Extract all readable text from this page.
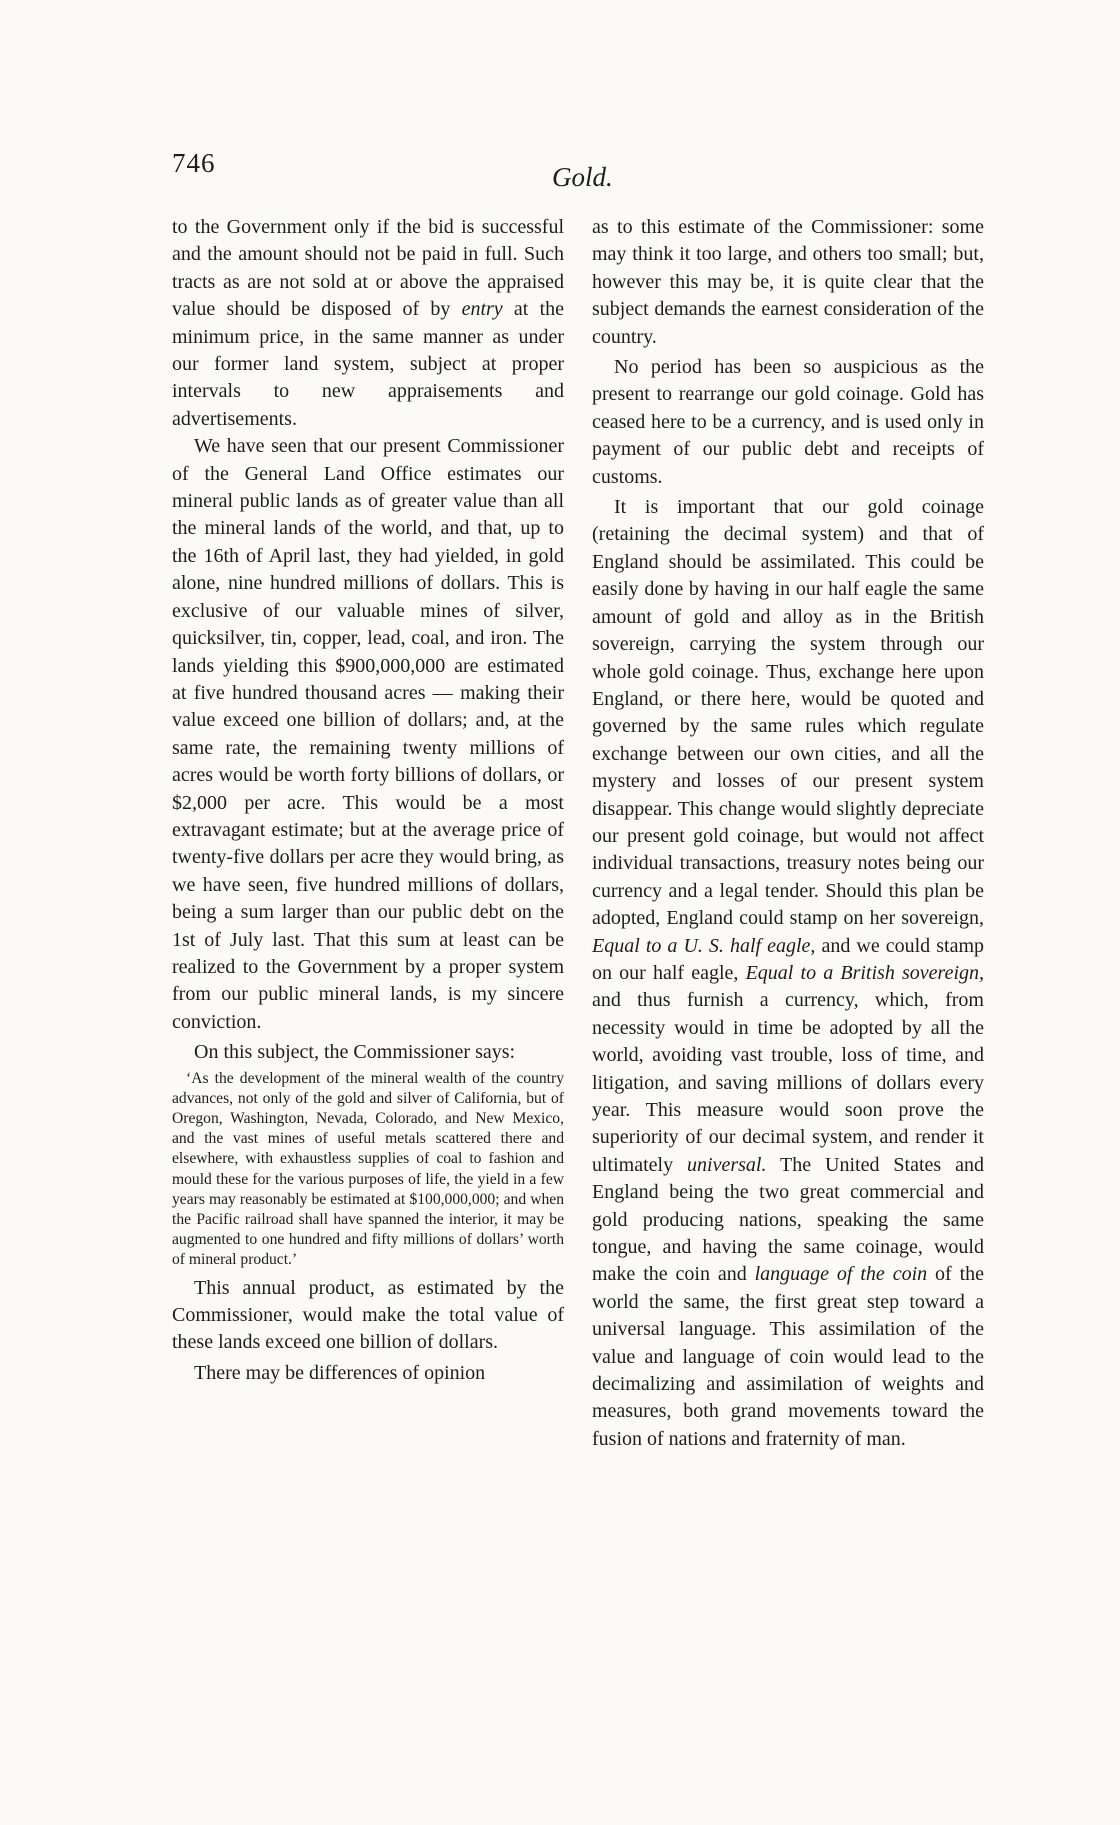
746	Gold.

to the Government only if the bid is successful and the amount should not be paid in full. Such tracts as are not sold at or above the appraised value should be disposed of by entry at the minimum price, in the same manner as under our former land system, subject at proper intervals to new appraisements and advertisements.

We have seen that our present Commissioner of the General Land Office estimates our mineral public lands as of greater value than all the mineral lands of the world, and that, up to the 16th of April last, they had yielded, in gold alone, nine hundred millions of dollars. This is exclusive of our valuable mines of silver, quicksilver, tin, copper, lead, coal, and iron. The lands yielding this $900,000,000 are estimated at five hundred thousand acres — making their value exceed one billion of dollars; and, at the same rate, the remaining twenty millions of acres would be worth forty billions of dollars, or $2,000 per acre. This would be a most extravagant estimate; but at the average price of twenty-five dollars per acre they would bring, as we have seen, five hundred millions of dollars, being a sum larger than our public debt on the 1st of July last. That this sum at least can be realized to the Government by a proper system from our public mineral lands, is my sincere conviction.

On this subject, the Commissioner says:

‘As the development of the mineral wealth of the country advances, not only of the gold and silver of California, but of Oregon, Washington, Nevada, Colorado, and New Mexico, and the vast mines of useful metals scattered there and elsewhere, with exhaustless supplies of coal to fashion and mould these for the various purposes of life, the yield in a few years may reasonably be estimated at $100,000,000; and when the Pacific railroad shall have spanned the interior, it may be augmented to one hundred and fifty millions of dollars’ worth of mineral product.’

This annual product, as estimated by the Commissioner, would make the total value of these lands exceed one billion of dollars.

There may be differences of opinion

as to this estimate of the Commissioner: some may think it too large, and others too small; but, however this may be, it is quite clear that the subject demands the earnest consideration of the country.

No period has been so auspicious as the present to rearrange our gold coinage. Gold has ceased here to be a currency, and is used only in payment of our public debt and receipts of customs.

It is important that our gold coinage (retaining the decimal system) and that of England should be assimilated. This could be easily done by having in our half eagle the same amount of gold and alloy as in the British sovereign, carrying the system through our whole gold coinage. Thus, exchange here upon England, or there here, would be quoted and governed by the same rules which regulate exchange between our own cities, and all the mystery and losses of our present system disappear. This change would slightly depreciate our present gold coinage, but would not affect individual transactions, treasury notes being our currency and a legal tender. Should this plan be adopted, England could stamp on her sovereign, Equal to a U. S. half eagle, and we could stamp on our half eagle, Equal to a British sovereign, and thus furnish a currency, which, from necessity would in time be adopted by all the world, avoiding vast trouble, loss of time, and litigation, and saving millions of dollars every year. This measure would soon prove the superiority of our decimal system, and render it ultimately universal. The United States and England being the two great commercial and gold producing nations, speaking the same tongue, and having the same coinage, would make the coin and language of the coin of the world the same, the first great step toward a universal language. This assimilation of the value and language of coin would lead to the decimalizing and assimilation of weights and measures, both grand movements toward the fusion of nations and fraternity of man.
